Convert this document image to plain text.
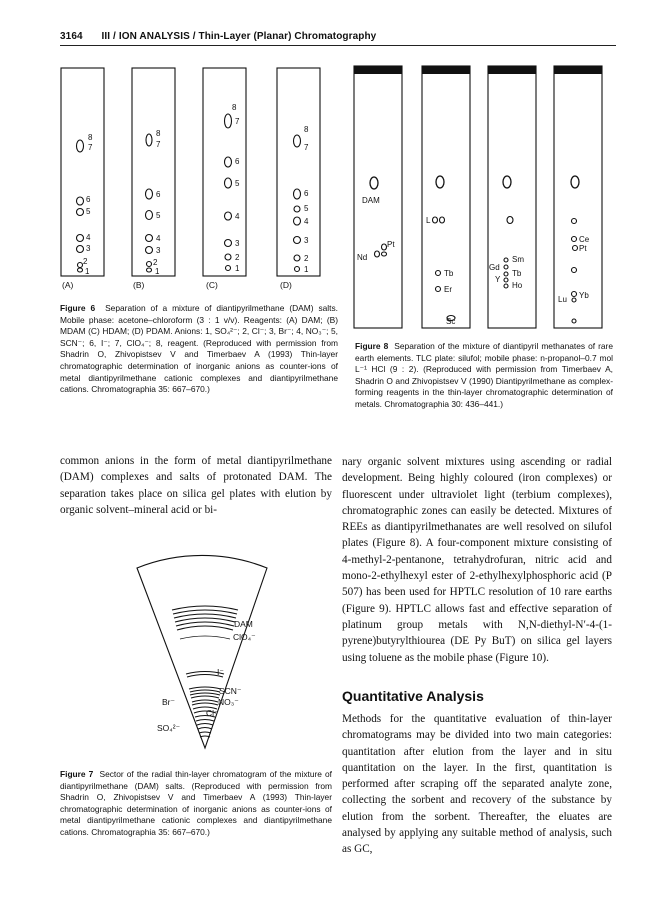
3164 III / ION ANALYSIS / Thin-Layer (Planar) Chromatography
8
7
6
5
4
3
2
1
8
7
6
5
4
3
2
1
8
7
6
5
4
3
2
1
8
7
6
5
4
3
2
1
(A)	(B)	(C)	(D)
Figure 6 Separation of a mixture of diantipyrilmethane (DAM) salts. Mobile phase: acetone–chloroform (3 : 1 v/v). Reagents: (A) DAM; (B) MDAM (C) HDAM; (D) PDAM. Anions: 1, SO₄²⁻; 2, Cl⁻; 3, Br⁻; 4, NO₃⁻; 5, SCN⁻; 6, I⁻; 7, ClO₄⁻; 8, reagent. (Reproduced with permission from Shadrin O, Zhivopistsev V and Timerbaev A (1993) Thin-layer chromatographic determination of inorganic anions as counter-ions of metal diantipyrilmethane cationic complexes and diantipyrilmethane cations. Chromatographia 35: 667–670.)
DAM
Pt
Nd
L
Tb
Er
Sc
Sm
Gd
Tb
Y
Ho
Ce
Pt
Lu Yb
Figure 8 Separation of the mixture of diantipyril methanates of rare earth elements. TLC plate: silufol; mobile phase: n-propanol–0.7 mol L⁻¹ HCl (9 : 2). (Reproduced with permission from Timerbaev A, Shadrin O and Zhivopistsev V (1990) Diantipyrilmethane as complex-forming reagents in the thin-layer chromatographic determination of metals. Chromatographia 30: 436–441.)
common anions in the form of metal diantipyrilmethane (DAM) complexes and salts of protonated DAM. The separation takes place on silica gel plates with elution by organic solvent–mineral acid or bi-
DAM
ClO₄⁻
I⁻
SCN⁻
Br⁻	NO₃⁻
Cl⁻
SO₄²⁻
Figure 7 Sector of the radial thin-layer chromatogram of the mixture of diantipyrilmethane (DAM) salts. (Reproduced with permission from Shadrin O, Zhivopistsev V and Timerbaev A (1993) Thin-layer chromatographic determination of inorganic anions as counter-ions of metal diantipyrilmethane cationic complexes and diantipyrilmethane cations. Chromatographia 35: 667–670.)
nary organic solvent mixtures using ascending or radial development. Being highly coloured (iron complexes) or fluorescent under ultraviolet light (terbium complexes), chromatographic zones can easily be detected. Mixtures of REEs as diantipyrilmethanates are well resolved on silufol plates (Figure 8). A four-component mixture consisting of 4-methyl-2-pentanone, tetrahydrofuran, nitric acid and mono-2-ethylhexyl ester of 2-ethylhexylphosphoric acid (P 507) has been used for HPTLC resolution of 10 rare earths (Figure 9). HPTLC allows fast and effective separation of platinum group metals with N,N-diethyl-N′-4-(1-pyrene)butyrylthiourea (DE Py BuT) on silica gel layers using toluene as the mobile phase (Figure 10).
Quantitative Analysis
Methods for the quantitative evaluation of thin-layer chromatograms may be divided into two main categories: quantitation after elution from the layer and in situ quantitation on the layer. In the first, quantitation is performed after scraping off the separated analyte zone, collecting the sorbent and recovery of the substance by elution from the sorbent. Thereafter, the eluates are analysed by applying any suitable method of analysis, such as GC,
